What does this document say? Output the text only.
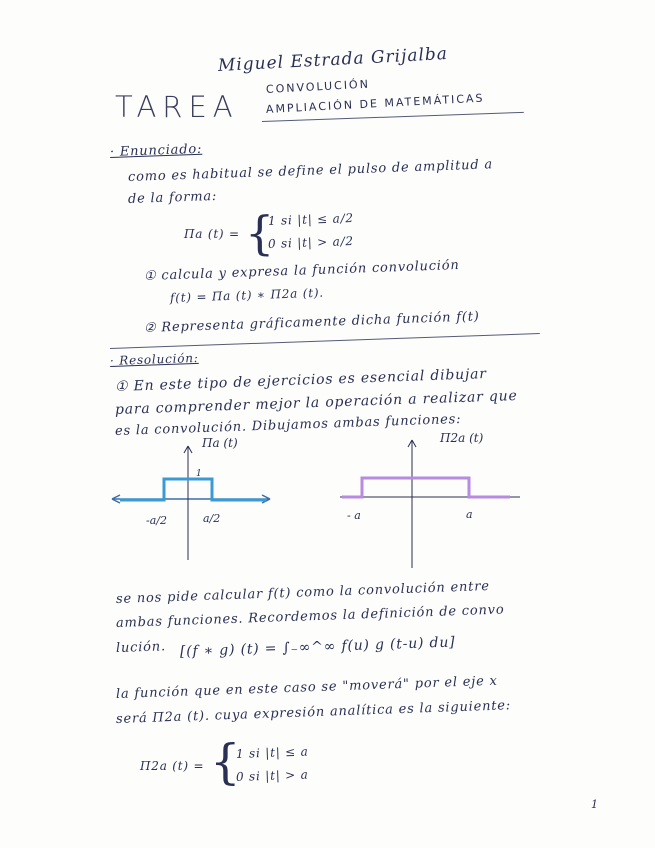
Miguel Estrada Grijalba
TAREA
CONVOLUCIÓN
AMPLIACIÓN DE MATEMÁTICAS
· Enunciado:
como es habitual se define el pulso de amplitud a
de la forma:
Πa (t) = {
1 si |t| ≤ a/2
0 si |t| > a/2
① calcula y expresa la función convolución
f(t) = Πa (t) ∗ Π2a (t).
② Representa gráficamente dicha función f(t)
· Resolución:
① En este tipo de ejercicios es esencial dibujar
para comprender mejor la operación a realizar que
es la convolución. Dibujamos ambas funciones:
Πa (t)
1
-a/2	a/2
Π2a (t)
- a	a
se nos pide calcular f(t) como la convolución entre
ambas funciones. Recordemos la definición de convo
lución. [(f ∗ g) (t) = ∫₋∞^∞ f(u) g (t-u) du]
la función que en este caso se "moverá" por el eje x
será Π2a (t). cuya expresión analítica es la siguiente:
Π2a (t) = {
1 si |t| ≤ a
0 si |t| > a
1
